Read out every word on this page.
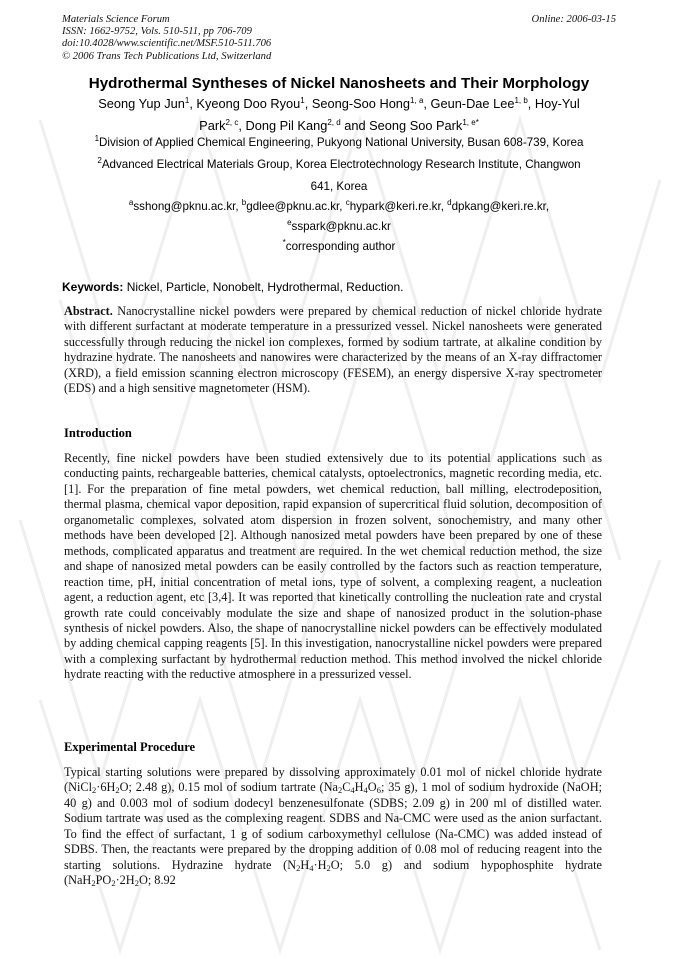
Materials Science Forum
ISSN: 1662-9752, Vols. 510-511, pp 706-709
doi:10.4028/www.scientific.net/MSF.510-511.706
© 2006 Trans Tech Publications Ltd, Switzerland
Online: 2006-03-15
Hydrothermal Syntheses of Nickel Nanosheets and Their Morphology
Seong Yup Jun$^1$, Kyeong Doo Ryou$^1$, Seong-Soo Hong$^{1, a}$, Geun-Dae Lee$^{1, b}$, Hoy-Yul
Park$^{2, c}$, Dong Pil Kang$^{2, d}$ and Seong Soo Park$^{1, e*}$
$^1$Division of Applied Chemical Engineering, Pukyong National University, Busan 608-739, Korea
$^2$Advanced Electrical Materials Group, Korea Electrotechnology Research Institute, Changwon
641, Korea
$^a$sshong@pknu.ac.kr, $^b$gdlee@pknu.ac.kr, $^c$hypark@keri.re.kr, $^d$dpkang@keri.re.kr,
$^e$sspark@pknu.ac.kr
*corresponding author
Keywords: Nickel, Particle, Nonobelt, Hydrothermal, Reduction.
Abstract. Nanocrystalline nickel powders were prepared by chemical reduction of nickel chloride hydrate with different surfactant at moderate temperature in a pressurized vessel. Nickel nanosheets were generated successfully through reducing the nickel ion complexes, formed by sodium tartrate, at alkaline condition by hydrazine hydrate. The nanosheets and nanowires were characterized by the means of an X-ray diffractomer (XRD), a field emission scanning electron microscopy (FESEM), an energy dispersive X-ray spectrometer (EDS) and a high sensitive magnetometer (HSM).
Introduction
Recently, fine nickel powders have been studied extensively due to its potential applications such as conducting paints, rechargeable batteries, chemical catalysts, optoelectronics, magnetic recording media, etc. [1]. For the preparation of fine metal powders, wet chemical reduction, ball milling, electrodeposition, thermal plasma, chemical vapor deposition, rapid expansion of supercritical fluid solution, decomposition of organometalic complexes, solvated atom dispersion in frozen solvent, sonochemistry, and many other methods have been developed [2]. Although nanosized metal powders have been prepared by one of these methods, complicated apparatus and treatment are required. In the wet chemical reduction method, the size and shape of nanosized metal powders can be easily controlled by the factors such as reaction temperature, reaction time, pH, initial concentration of metal ions, type of solvent, a complexing reagent, a nucleation agent, a reduction agent, etc [3,4]. It was reported that kinetically controlling the nucleation rate and crystal growth rate could conceivably modulate the size and shape of nanosized product in the solution-phase synthesis of nickel powders. Also, the shape of nanocrystalline nickel powders can be effectively modulated by adding chemical capping reagents [5]. In this investigation, nanocrystalline nickel powders were prepared with a complexing surfactant by hydrothermal reduction method. This method involved the nickel chloride hydrate reacting with the reductive atmosphere in a pressurized vessel.
Experimental Procedure
Typical starting solutions were prepared by dissolving approximately 0.01 mol of nickel chloride hydrate ($NiCl_2\cdot 6H_2O$; 2.48 g), 0.15 mol of sodium tartrate ($Na_2C_4H_4O_6$; 35 g), 1 mol of sodium hydroxide (NaOH; 40 g) and 0.003 mol of sodium dodecyl benzenesulfonate (SDBS; 2.09 g) in 200 ml of distilled water. Sodium tartrate was used as the complexing reagent. SDBS and Na-CMC were used as the anion surfactant. To find the effect of surfactant, 1 g of sodium carboxymethyl cellulose (Na-CMC) was added instead of SDBS. Then, the reactants were prepared by the dropping addition of 0.08 mol of reducing reagent into the starting solutions. Hydrazine hydrate ($N_2H_4\cdot H_2O$; 5.0 g) and sodium hypophosphite hydrate ($NaH_2PO_2\cdot 2H_2O$; 8.92
